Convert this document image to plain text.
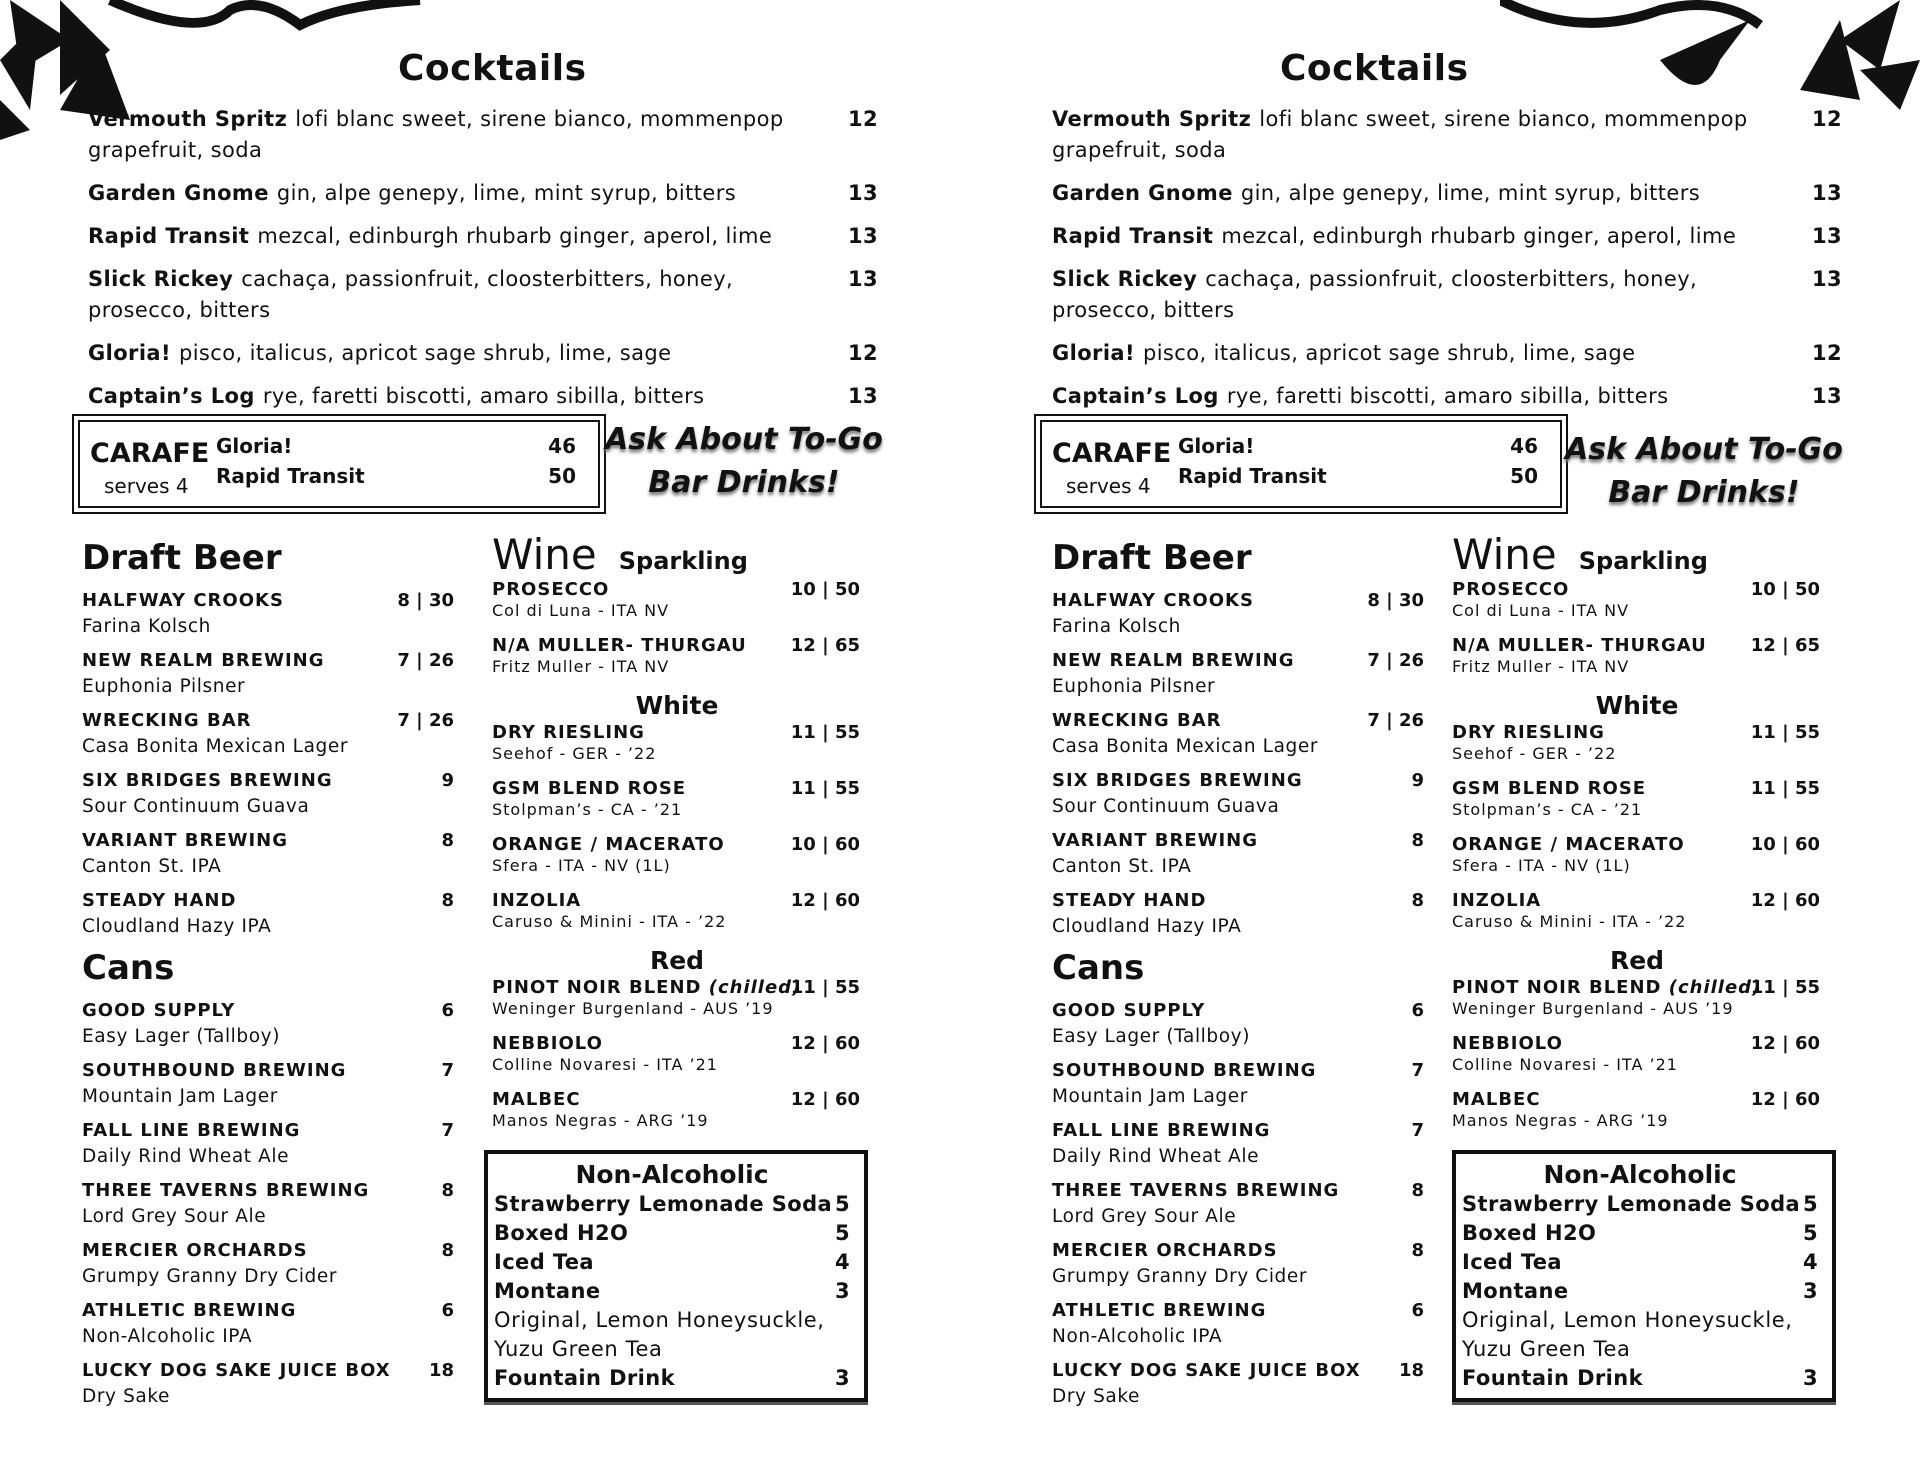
Cocktails
Vermouth Spritz lofi blanc sweet, sirene bianco, mommenpop grapefruit, soda
12
Garden Gnome gin, alpe genepy, lime, mint syrup, bitters	13
Rapid Transit mezcal, edinburgh rhubarb ginger, aperol, lime	13
Slick Rickey cachaça, passionfruit, cloosterbitters, honey, prosecco, bitters
13
Gloria! pisco, italicus, apricot sage shrub, lime, sage	12
Captain’s Log rye, faretti biscotti, amaro sibilla, bitters	13
CARAFE
serves 4
Gloria!	46
Rapid Transit	50
Ask About To-Go
Bar Drinks!
Draft Beer
HALFWAY CROOKS
Farina Kolsch
8 | 30
NEW REALM BREWING
Euphonia Pilsner
7 | 26
WRECKING BAR
Casa Bonita Mexican Lager
7 | 26
SIX BRIDGES BREWING
Sour Continuum Guava
9
VARIANT BREWING
Canton St. IPA
8
STEADY HAND
Cloudland Hazy IPA
8
Cans
GOOD SUPPLY
Easy Lager (Tallboy)
6
SOUTHBOUND BREWING
Mountain Jam Lager
7
FALL LINE BREWING
Daily Rind Wheat Ale
7
THREE TAVERNS BREWING
Lord Grey Sour Ale
8
MERCIER ORCHARDS
Grumpy Granny Dry Cider
8
ATHLETIC BREWING
Non-Alcoholic IPA
6
LUCKY DOG SAKE JUICE BOX
Dry Sake
18
Wine Sparkling
PROSECCO
Col di Luna - ITA NV
10 | 50
N/A MULLER- THURGAU
Fritz Muller - ITA NV
12 | 65
White
DRY RIESLING
Seehof - GER - ’22
11 | 55
GSM BLEND ROSE
Stolpman’s - CA - ’21
11 | 55
ORANGE / MACERATO
Sfera - ITA - NV (1L)
10 | 60
INZOLIA
Caruso & Minini - ITA - ’22
12 | 60
Red
PINOT NOIR BLEND (chilled)
Weninger Burgenland - AUS ’19
11 | 55
NEBBIOLO
Colline Novaresi - ITA ’21
12 | 60
MALBEC
Manos Negras - ARG ’19
12 | 60
Non-Alcoholic
Strawberry Lemonade Soda 5
Boxed H2O	5
Iced Tea	4
Montane	3
Original, Lemon Honeysuckle,
Yuzu Green Tea
Fountain Drink	3
Cocktails
Vermouth Spritz lofi blanc sweet, sirene bianco, mommenpop grapefruit, soda
12
Garden Gnome gin, alpe genepy, lime, mint syrup, bitters	13
Rapid Transit mezcal, edinburgh rhubarb ginger, aperol, lime	13
Slick Rickey cachaça, passionfruit, cloosterbitters, honey, prosecco, bitters
13
Gloria! pisco, italicus, apricot sage shrub, lime, sage	12
Captain’s Log rye, faretti biscotti, amaro sibilla, bitters	13
CARAFE
serves 4
Gloria!	46
Rapid Transit	50
Ask About To-Go
Bar Drinks!
Draft Beer
HALFWAY CROOKS
Farina Kolsch
8 | 30
NEW REALM BREWING
Euphonia Pilsner
7 | 26
WRECKING BAR
Casa Bonita Mexican Lager
7 | 26
SIX BRIDGES BREWING
Sour Continuum Guava
9
VARIANT BREWING
Canton St. IPA
8
STEADY HAND
Cloudland Hazy IPA
8
Cans
GOOD SUPPLY
Easy Lager (Tallboy)
6
SOUTHBOUND BREWING
Mountain Jam Lager
7
FALL LINE BREWING
Daily Rind Wheat Ale
7
THREE TAVERNS BREWING
Lord Grey Sour Ale
8
MERCIER ORCHARDS
Grumpy Granny Dry Cider
8
ATHLETIC BREWING
Non-Alcoholic IPA
6
LUCKY DOG SAKE JUICE BOX
Dry Sake
18
Wine Sparkling
PROSECCO
Col di Luna - ITA NV
10 | 50
N/A MULLER- THURGAU
Fritz Muller - ITA NV
12 | 65
White
DRY RIESLING
Seehof - GER - ’22
11 | 55
GSM BLEND ROSE
Stolpman’s - CA - ’21
11 | 55
ORANGE / MACERATO
Sfera - ITA - NV (1L)
10 | 60
INZOLIA
Caruso & Minini - ITA - ’22
12 | 60
Red
PINOT NOIR BLEND (chilled)
Weninger Burgenland - AUS ’19
11 | 55
NEBBIOLO
Colline Novaresi - ITA ’21
12 | 60
MALBEC
Manos Negras - ARG ’19
12 | 60
Non-Alcoholic
Strawberry Lemonade Soda 5
Boxed H2O	5
Iced Tea	4
Montane	3
Original, Lemon Honeysuckle,
Yuzu Green Tea
Fountain Drink	3
